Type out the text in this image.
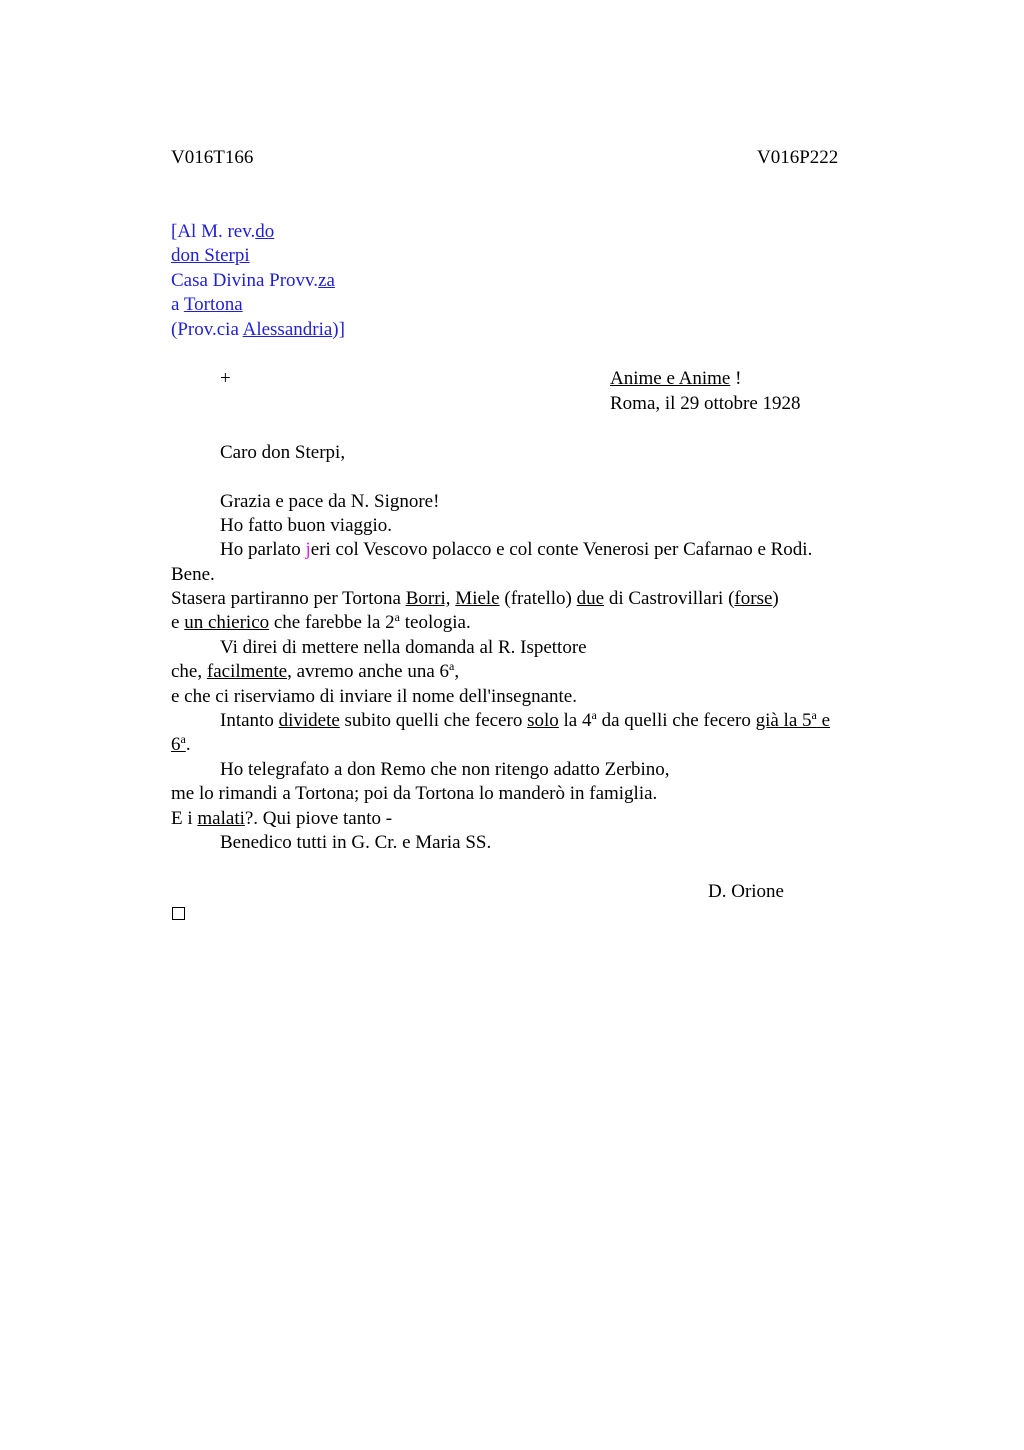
V016T166	V016P222
[Al M. rev.do
don Sterpi
Casa Divina Provv.za
a Tortona
(Prov.cia Alessandria)]
+	Anime e Anime !
Roma, il 29 ottobre 1928
Caro don Sterpi,
Grazia e pace da N. Signore!
Ho fatto buon viaggio.
Ho parlato jeri col Vescovo polacco e col conte Venerosi per Cafarnao e Rodi.
Bene.
Stasera partiranno per Tortona Borri, Miele (fratello) due di Castrovillari (forse)
e un chierico che farebbe la 2$^a$ teologia.
Vi direi di mettere nella domanda al R. Ispettore
che, facilmente, avremo anche una 6$^a$,
e che ci riserviamo di inviare il nome dell'insegnante.
Intanto dividete subito quelli che fecero solo la 4$^a$ da quelli che fecero già la 5$^a$ e
6$^a$.
Ho telegrafato a don Remo che non ritengo adatto Zerbino,
me lo rimandi a Tortona; poi da Tortona lo manderò in famiglia.
E i malati?. Qui piove tanto -
Benedico tutti in G. Cr. e Maria SS.
D. Orione
